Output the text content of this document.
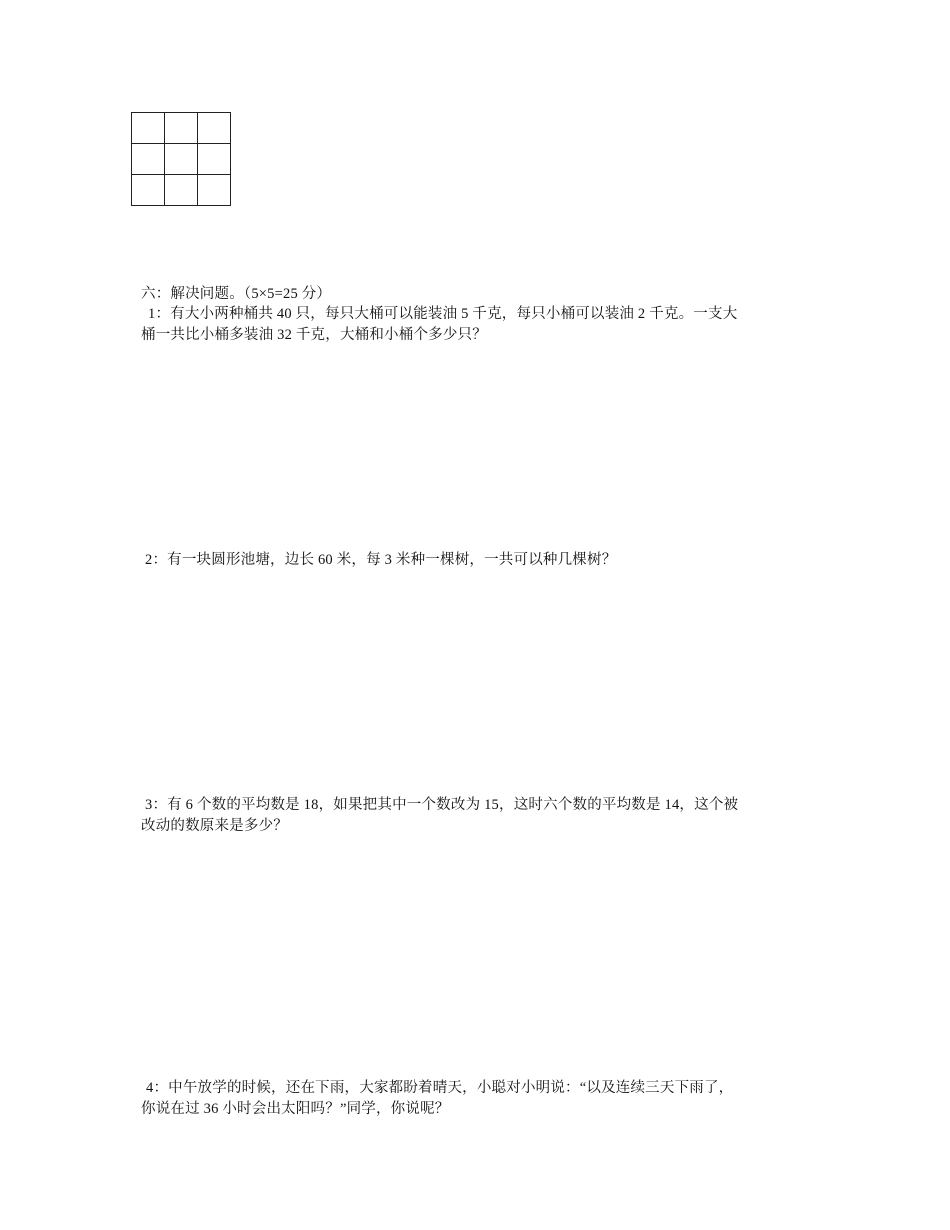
六：解决问题。（5×5=25 分）
1：有大小两种桶共 40 只，每只大桶可以能装油 5 千克，每只小桶可以装油 2 千克。一支大
桶一共比小桶多装油 32 千克，大桶和小桶个多少只？
2：有一块圆形池塘，边长 60 米，每 3 米种一棵树，一共可以种几棵树？
3：有 6 个数的平均数是 18，如果把其中一个数改为 15，这时六个数的平均数是 14，这个被
改动的数原来是多少？
4：中午放学的时候，还在下雨，大家都盼着晴天，小聪对小明说：“以及连续三天下雨了，
你说在过 36 小时会出太阳吗？”同学，你说呢？
